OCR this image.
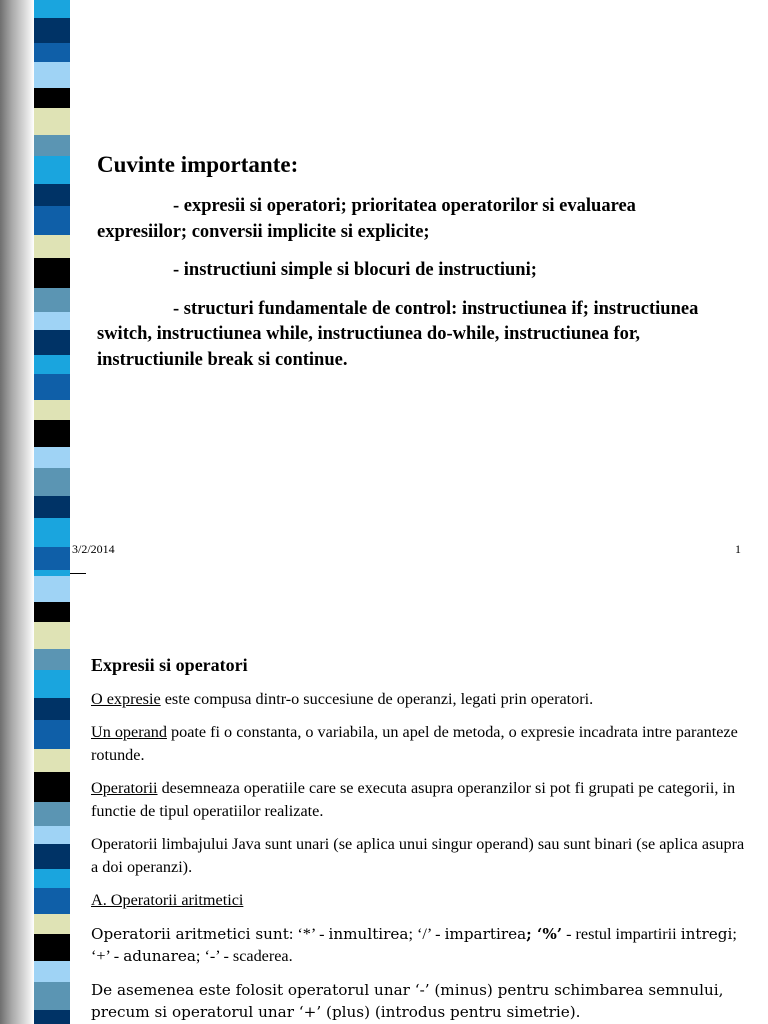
Cuvinte importante:

- expresii si operatori; prioritatea operatorilor si evaluarea expresiilor; conversii implicite si explicite;

- instructiuni simple si blocuri de instructiuni;

- structuri fundamentale de control: instructiunea if; instructiunea switch, instructiunea while, instructiunea do-while, instructiunea for, instructiunile break si continue.

3/2/2014	1

Expresii si operatori

O expresie este compusa dintr-o succesiune de operanzi, legati prin operatori.

Un operand poate fi o constanta, o variabila, un apel de metoda, o expresie incadrata intre paranteze rotunde.

Operatorii desemneaza operatiile care se executa asupra operanzilor si pot fi grupati pe categorii, in functie de tipul operatiilor realizate.

Operatorii limbajului Java sunt unari (se aplica unui singur operand) sau sunt binari (se aplica asupra a doi operanzi).

A. Operatorii aritmetici

Operatorii aritmetici sunt: ‘*’ - inmultirea; ‘/’ - impartirea; ‘%’ - restul impartirii intregi; ‘+’ - adunarea; ‘-’ - scaderea.

De asemenea este folosit operatorul unar ‘-’ (minus) pentru schimbarea semnului, precum si operatorul unar ‘+’ (plus) (introdus pentru simetrie).
